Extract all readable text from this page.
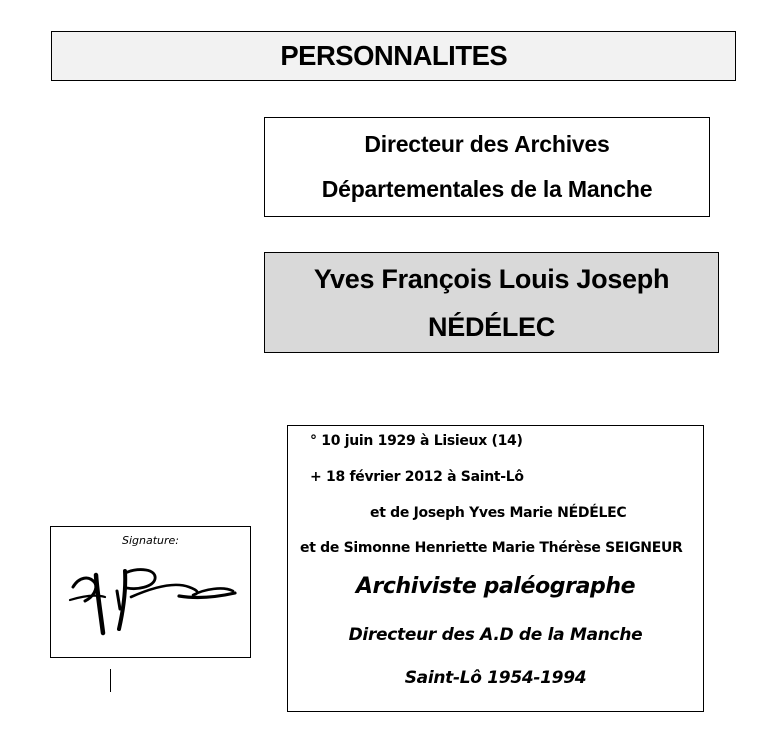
PERSONNALITES
Directeur des Archives
Départementales de la Manche
Yves François Louis Joseph
NÉDÉLEC
° 10 juin 1929 à Lisieux (14)
+ 18 février 2012 à Saint-Lô
et de Joseph Yves Marie NÉDÉLEC
et de Simonne Henriette Marie Thérèse SEIGNEUR
Archiviste paléographe
Directeur des A.D de la Manche
Saint-Lô 1954-1994
Signature:
